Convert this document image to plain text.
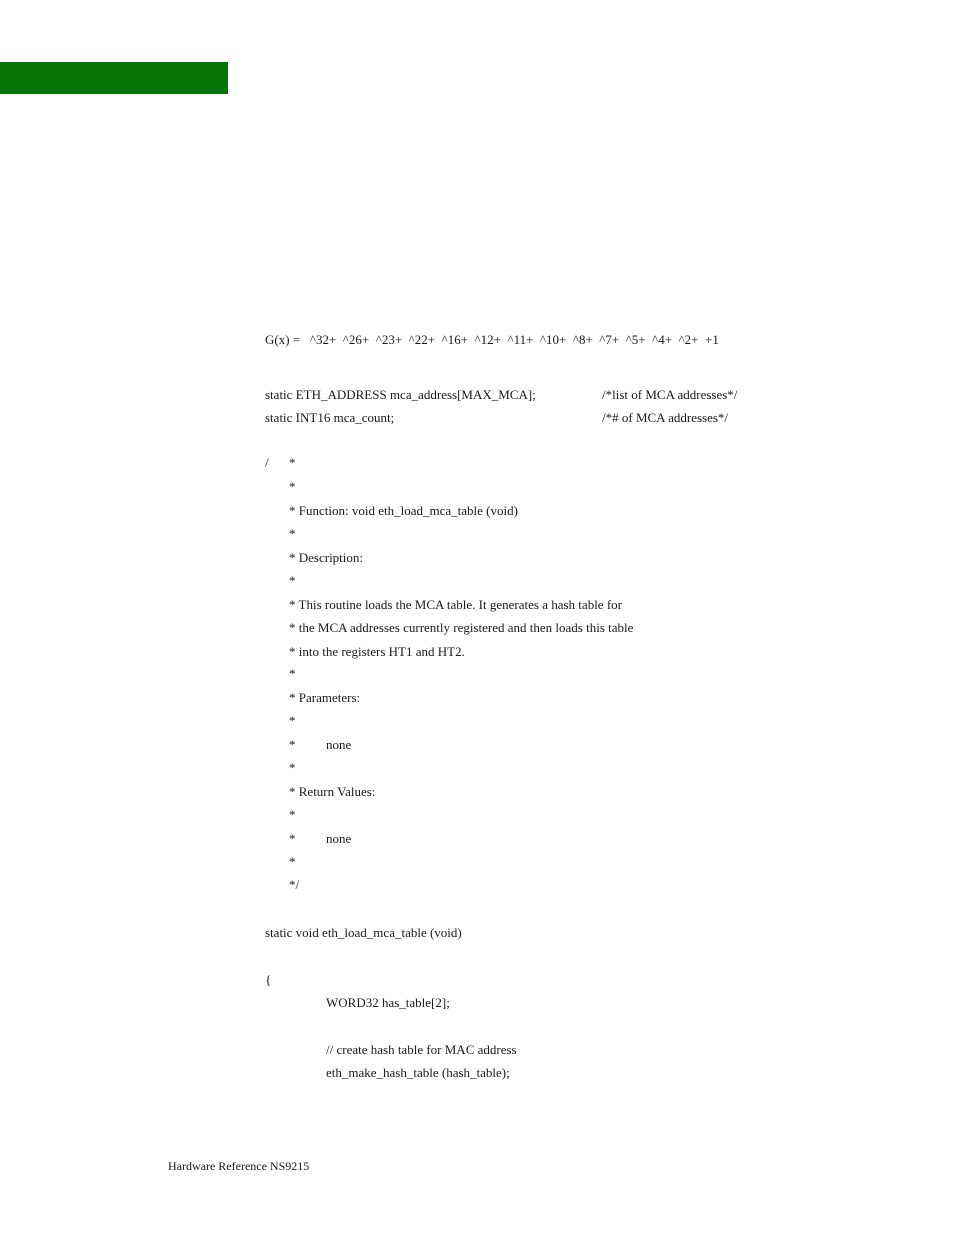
G(x) =   ^32+  ^26+  ^23+  ^22+  ^16+  ^12+  ^11+  ^10+  ^8+  ^7+  ^5+  ^4+  ^2+  +1
static ETH_ADDRESS mca_address[MAX_MCA];	/*list of MCA addresses*/
static INT16 mca_count;	/*# of MCA addresses*/
/ *
*
* Function: void eth_load_mca_table (void)
*
* Description:
*
* This routine loads the MCA table. It generates a hash table for
* the MCA addresses currently registered and then loads this table
* into the registers HT1 and HT2.
*
* Parameters:
*
* none
*
* Return Values:
*
* none
*
*/
static void eth_load_mca_table (void)
{
WORD32 has_table[2];
// create hash table for MAC address
eth_make_hash_table (hash_table);
Hardware Reference NS9215
